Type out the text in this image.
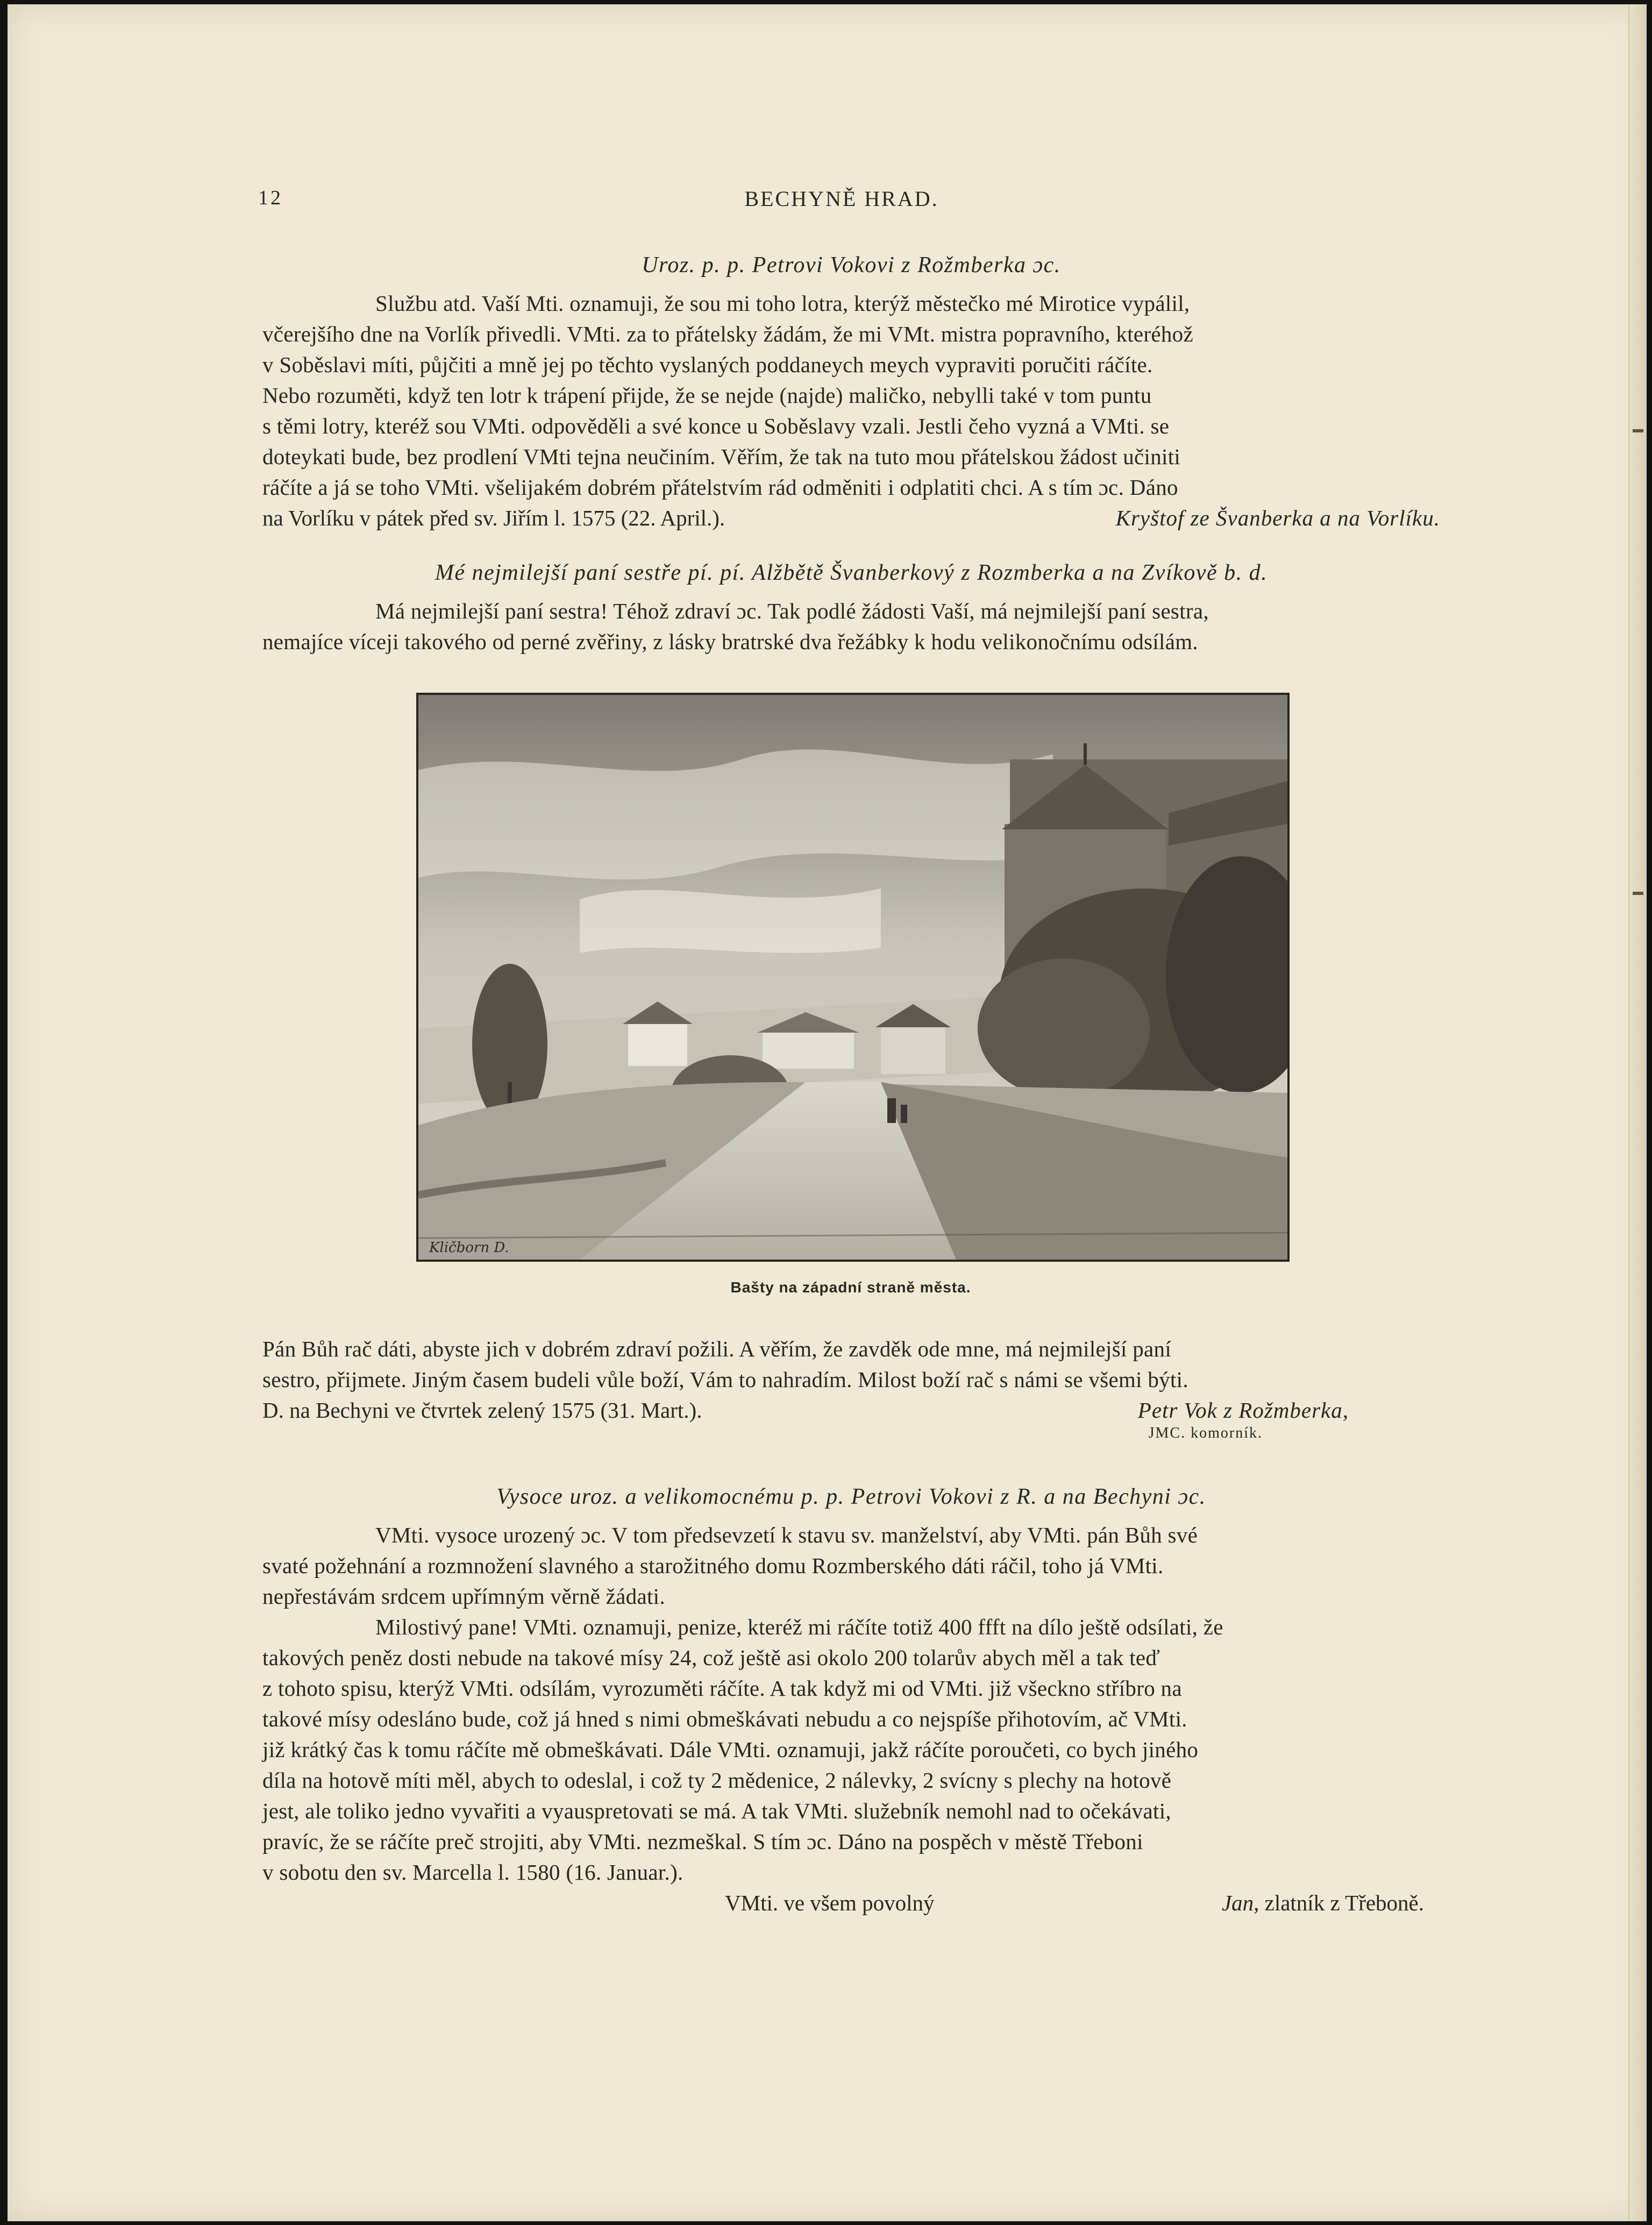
12	BECHYNĚ HRAD.
Uroz. p. p. Petrovi Vokovi z Rožmberka ɔc.

Službu atd. Vaší Mti. oznamuji, že sou mi toho lotra, kterýž městečko mé Mirotice vypálil,

včerejšího dne na Vorlík přivedli. VMti. za to přátelsky žádám, že mi VMt. mistra popravního, kteréhož

v Soběslavi míti, půjčiti a mně jej po těchto vyslaných poddaneych meych vypraviti poručiti ráčíte.

Nebo rozuměti, když ten lotr k trápení přijde, že se nejde (najde) maličko, nebylli také v tom puntu

s těmi lotry, kteréž sou VMti. odpověděli a své konce u Soběslavy vzali. Jestli čeho vyzná a VMti. se

doteykati bude, bez prodlení VMti tejna neučiním. Věřím, že tak na tuto mou přátelskou žádost učiniti

ráčíte a já se toho VMti. všelijakém dobrém přátelstvím rád odměniti i odplatiti chci. A s tím ɔc. Dáno

na Vorlíku v pátek před sv. Jiřím l. 1575 (22. April.).	Kryštof ze Švanberka a na Vorlíku.
Mé nejmilejší paní sestře pí. pí. Alžbětě Švanberkový z Rozmberka a na Zvíkově b. d.

Má nejmilejší paní sestra! Téhož zdraví ɔc. Tak podlé žádosti Vaší, má nejmilejší paní sestra,

nemajíce víceji takového od perné zvěřiny, z lásky bratrské dva řežábky k hodu velikonočnímu odsílám.

Kličborn D.
Bašty na západní straně města.

Pán Bůh rač dáti, abyste jich v dobrém zdraví požili. A věřím, že zavděk ode mne, má nejmilejší paní

sestro, přijmete. Jiným časem budeli vůle boží, Vám to nahradím. Milost boží rač s námi se všemi býti.

D. na Bechyni ve čtvrtek zelený 1575 (31. Mart.).	Petr Vok z Rožmberka,
JMC. komorník.
Vysoce uroz. a velikomocnému p. p. Petrovi Vokovi z R. a na Bechyni ɔc.

VMti. vysoce urozený ɔc. V tom předsevzetí k stavu sv. manželství, aby VMti. pán Bůh své

svaté požehnání a rozmnožení slavného a starožitného domu Rozmberského dáti ráčil, toho já VMti.

nepřestávám srdcem upřímným věrně žádati.

Milostivý pane! VMti. oznamuji, penize, kteréž mi ráčíte totiž 400 ffft na dílo ještě odsílati, že

takových peněz dosti nebude na takové mísy 24, což ještě asi okolo 200 tolarův abych měl a tak teď

z tohoto spisu, kterýž VMti. odsílám, vyrozuměti ráčíte. A tak když mi od VMti. již všeckno stříbro na

takové mísy odesláno bude, což já hned s nimi obmeškávati nebudu a co nejspíše přihotovím, ač VMti.

již krátký čas k tomu ráčíte mě obmeškávati. Dále VMti. oznamuji, jakž ráčíte poroučeti, co bych jiného

díla na hotově míti měl, abych to odeslal, i což ty 2 mědenice, 2 nálevky, 2 svícny s plechy na hotově

jest, ale toliko jedno vyvařiti a vyauspretovati se má. A tak VMti. služebník nemohl nad to očekávati,

pravíc, že se ráčíte preč strojiti, aby VMti. nezmeškal. S tím ɔc. Dáno na pospěch v městě Třeboni

v sobotu den sv. Marcella l. 1580 (16. Januar.).

VMti. ve všem povolný	Jan, zlatník z Třeboně.
